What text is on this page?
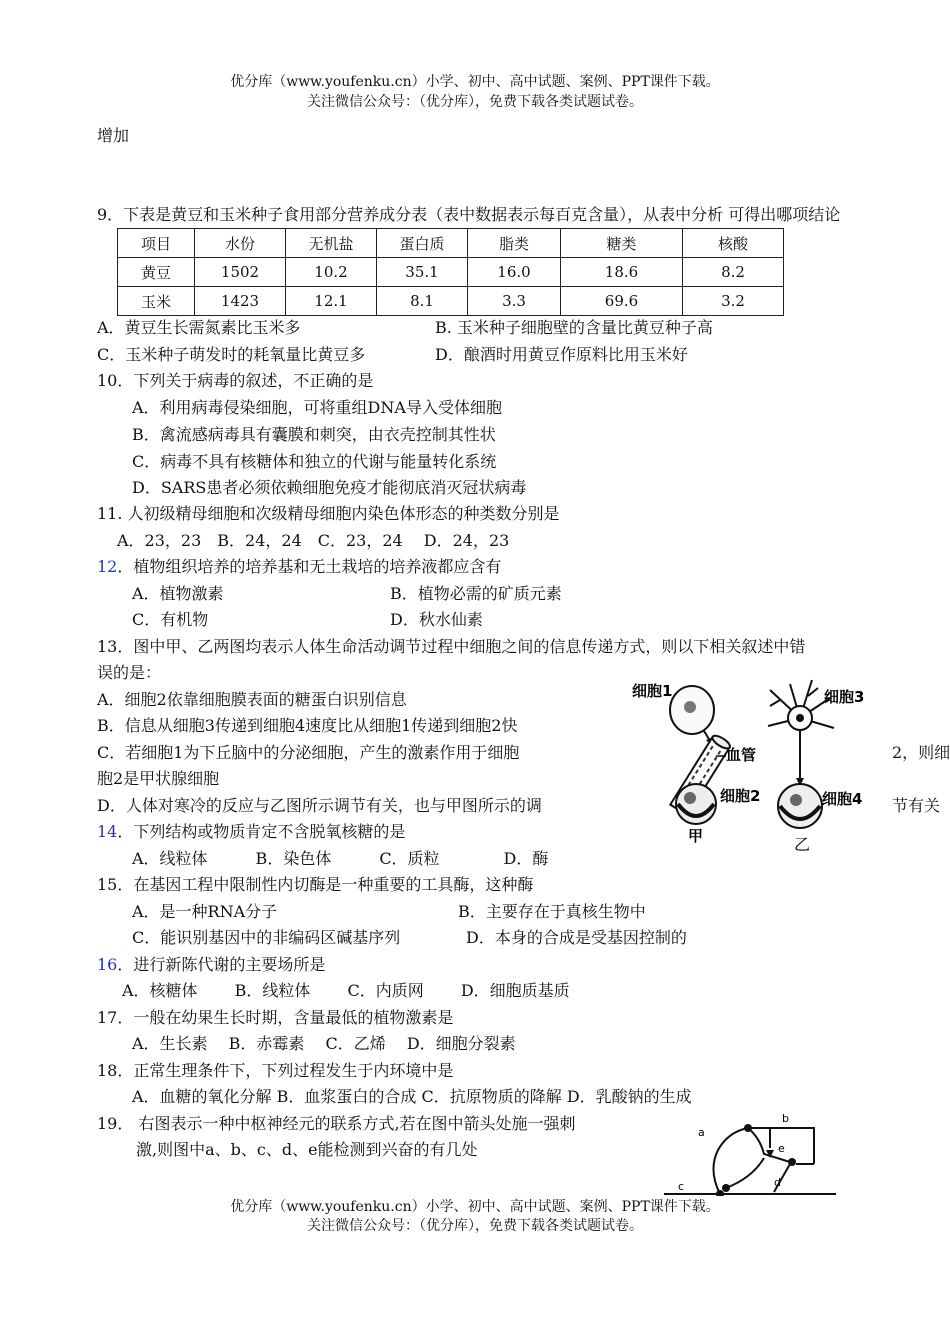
优分库（www.youfenku.cn）小学、初中、高中试题、案例、PPT课件下载。
关注微信公众号：（优分库），免费下载各类试题试卷。
增加
9．下表是黄豆和玉米种子食用部分营养成分表（表中数据表示每百克含量），从表中分析 可得出哪项结论
项目	水份	无机盐	蛋白质	脂类	糖类	核酸
黄豆	1502	10.2	35.1	16.0	18.6	8.2
玉米	1423	12.1	8.1	3.3	69.6	3.2
A．黄豆生长需氮素比玉米多	B. 玉米种子细胞壁的含量比黄豆种子高
C．玉米种子萌发时的耗氧量比黄豆多	D．酿酒时用黄豆作原料比用玉米好
10．下列关于病毒的叙述，不正确的是
A．利用病毒侵染细胞，可将重组DNA导入受体细胞
B．禽流感病毒具有囊膜和刺突，由衣壳控制其性状
C．病毒不具有核糖体和独立的代谢与能量转化系统
D．SARS患者必须依赖细胞免疫才能彻底消灭冠状病毒
11. 人初级精母细胞和次级精母细胞内染色体形态的种类数分别是
A．23，23　B．24，24　C．23，24　 D．24，23
12．植物组织培养的培养基和无土栽培的培养液都应含有
A．植物激素	B．植物必需的矿质元素
C．有机物	D．秋水仙素
13．图中甲、乙两图均表示人体生命活动调节过程中细胞之间的信息传递方式，则以下相关叙述中错
误的是：
A．细胞2依靠细胞膜表面的糖蛋白识别信息
B．信息从细胞3传递到细胞4速度比从细胞1传递到细胞2快
C．若细胞1为下丘脑中的分泌细胞，产生的激素作用于细胞	2，则细
胞2是甲状腺细胞
D．人体对寒冷的反应与乙图所示调节有关，也与甲图所示的调	节有关
血管
细胞1
细胞2
甲
细胞3
细胞4
乙
14．下列结构或物质肯定不含脱氧核糖的是
A．线粒体　　　B．染色体　　　C．质粒　　　　D．酶
15．在基因工程中限制性内切酶是一种重要的工具酶，这种酶
A．是一种RNA分子	B．主要存在于真核生物中
C．能识别基因中的非编码区碱基序列	D．本身的合成是受基因控制的
16．进行新陈代谢的主要场所是
A．核糖体　　 B．线粒体　　 C．内质网　　 D．细胞质基质
17．一般在幼果生长时期，含量最低的植物激素是
A．生长素　 B．赤霉素　 C．乙烯　 D．细胞分裂素
18．正常生理条件下，下列过程发生于内环境中是
A．血糖的氧化分解 B．血浆蛋白的合成 C．抗原物质的降解 D．乳酸钠的生成
19． 右图表示一种中枢神经元的联系方式,若在图中箭头处施一强刺
激,则图中a、b、c、d、e能检测到兴奋的有几处
a
b
c	d
e
优分库（www.youfenku.cn）小学、初中、高中试题、案例、PPT课件下载。
关注微信公众号：（优分库），免费下载各类试题试卷。
